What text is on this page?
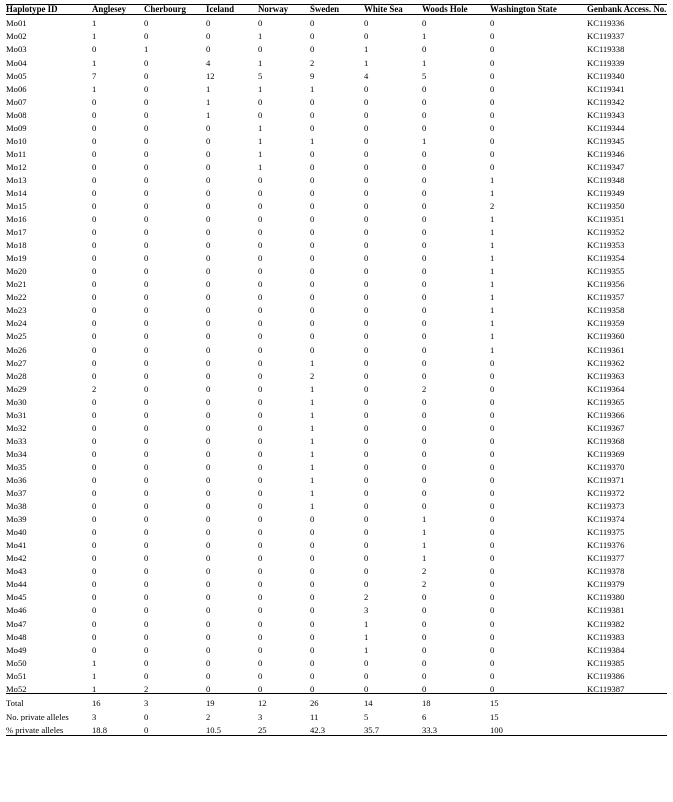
Haplotype ID	Anglesey	Cherbourg	Iceland	Norway	Sweden	White Sea	Woods Hole	Washington State	Genbank Access. No.
Mo01	1	0	0	0	0	0	0	0	KC119336
Mo02	1	0	0	1	0	0	1	0	KC119337
Mo03	0	1	0	0	0	1	0	0	KC119338
Mo04	1	0	4	1	2	1	1	0	KC119339
Mo05	7	0	12	5	9	4	5	0	KC119340
Mo06	1	0	1	1	1	0	0	0	KC119341
Mo07	0	0	1	0	0	0	0	0	KC119342
Mo08	0	0	1	0	0	0	0	0	KC119343
Mo09	0	0	0	1	0	0	0	0	KC119344
Mo10	0	0	0	1	1	0	1	0	KC119345
Mo11	0	0	0	1	0	0	0	0	KC119346
Mo12	0	0	0	1	0	0	0	0	KC119347
Mo13	0	0	0	0	0	0	0	1	KC119348
Mo14	0	0	0	0	0	0	0	1	KC119349
Mo15	0	0	0	0	0	0	0	2	KC119350
Mo16	0	0	0	0	0	0	0	1	KC119351
Mo17	0	0	0	0	0	0	0	1	KC119352
Mo18	0	0	0	0	0	0	0	1	KC119353
Mo19	0	0	0	0	0	0	0	1	KC119354
Mo20	0	0	0	0	0	0	0	1	KC119355
Mo21	0	0	0	0	0	0	0	1	KC119356
Mo22	0	0	0	0	0	0	0	1	KC119357
Mo23	0	0	0	0	0	0	0	1	KC119358
Mo24	0	0	0	0	0	0	0	1	KC119359
Mo25	0	0	0	0	0	0	0	1	KC119360
Mo26	0	0	0	0	0	0	0	1	KC119361
Mo27	0	0	0	0	1	0	0	0	KC119362
Mo28	0	0	0	0	2	0	0	0	KC119363
Mo29	2	0	0	0	1	0	2	0	KC119364
Mo30	0	0	0	0	1	0	0	0	KC119365
Mo31	0	0	0	0	1	0	0	0	KC119366
Mo32	0	0	0	0	1	0	0	0	KC119367
Mo33	0	0	0	0	1	0	0	0	KC119368
Mo34	0	0	0	0	1	0	0	0	KC119369
Mo35	0	0	0	0	1	0	0	0	KC119370
Mo36	0	0	0	0	1	0	0	0	KC119371
Mo37	0	0	0	0	1	0	0	0	KC119372
Mo38	0	0	0	0	1	0	0	0	KC119373
Mo39	0	0	0	0	0	0	1	0	KC119374
Mo40	0	0	0	0	0	0	1	0	KC119375
Mo41	0	0	0	0	0	0	1	0	KC119376
Mo42	0	0	0	0	0	0	1	0	KC119377
Mo43	0	0	0	0	0	0	2	0	KC119378
Mo44	0	0	0	0	0	0	2	0	KC119379
Mo45	0	0	0	0	0	2	0	0	KC119380
Mo46	0	0	0	0	0	3	0	0	KC119381
Mo47	0	0	0	0	0	1	0	0	KC119382
Mo48	0	0	0	0	0	1	0	0	KC119383
Mo49	0	0	0	0	0	1	0	0	KC119384
Mo50	1	0	0	0	0	0	0	0	KC119385
Mo51	1	0	0	0	0	0	0	0	KC119386
Mo52	1	2	0	0	0	0	0	0	KC119387
Total	16	3	19	12	26	14	18	15	
No. private alleles	3	0	2	3	11	5	6	15	
% private alleles	18.8	0	10.5	25	42.3	35.7	33.3	100	
